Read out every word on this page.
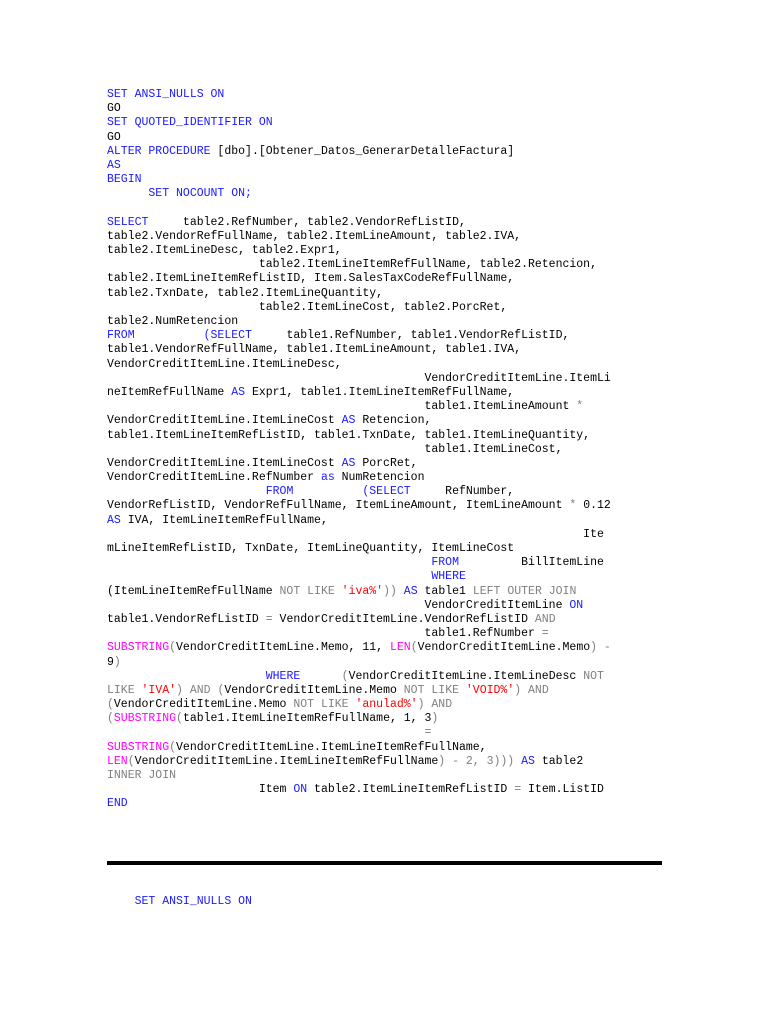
SET ANSI_NULLS ON
GO
SET QUOTED_IDENTIFIER ON
GO
ALTER PROCEDURE [dbo].[Obtener_Datos_GenerarDetalleFactura]
AS
BEGIN
SET NOCOUNT ON;

SELECT     table2.RefNumber, table2.VendorRefListID,
table2.VendorRefFullName, table2.ItemLineAmount, table2.IVA,
table2.ItemLineDesc, table2.Expr1,
table2.ItemLineItemRefFullName, table2.Retencion,
table2.ItemLineItemRefListID, Item.SalesTaxCodeRefFullName,
table2.TxnDate, table2.ItemLineQuantity,
table2.ItemLineCost, table2.PorcRet,
table2.NumRetencion
FROM	(SELECT     table1.RefNumber, table1.VendorRefListID,
table1.VendorRefFullName, table1.ItemLineAmount, table1.IVA,
VendorCreditItemLine.ItemLineDesc,
VendorCreditItemLine.ItemLi
neItemRefFullName AS Expr1, table1.ItemLineItemRefFullName,
table1.ItemLineAmount *
VendorCreditItemLine.ItemLineCost AS Retencion,
table1.ItemLineItemRefListID, table1.TxnDate, table1.ItemLineQuantity,
table1.ItemLineCost,
VendorCreditItemLine.ItemLineCost AS PorcRet,
VendorCreditItemLine.RefNumber as NumRetencion
FROM	(SELECT     RefNumber,
VendorRefListID, VendorRefFullName, ItemLineAmount, ItemLineAmount * 0.12
AS IVA, ItemLineItemRefFullName,
Ite
mLineItemRefListID, TxnDate, ItemLineQuantity, ItemLineCost
FROM         BillItemLine
WHERE
(ItemLineItemRefFullName NOT LIKE 'iva%')) AS table1 LEFT OUTER JOIN
VendorCreditItemLine ON
table1.VendorRefListID = VendorCreditItemLine.VendorRefListID AND
table1.RefNumber =
SUBSTRING(VendorCreditItemLine.Memo, 11, LEN(VendorCreditItemLine.Memo) -
9)
WHERE	(VendorCreditItemLine.ItemLineDesc NOT
LIKE 'IVA') AND (VendorCreditItemLine.Memo NOT LIKE 'VOID%') AND
(VendorCreditItemLine.Memo NOT LIKE 'anulad%') AND
(SUBSTRING(table1.ItemLineItemRefFullName, 1, 3)
=
SUBSTRING(VendorCreditItemLine.ItemLineItemRefFullName,
LEN(VendorCreditItemLine.ItemLineItemRefFullName) - 2, 3))) AS table2
INNER JOIN
Item ON table2.ItemLineItemRefListID = Item.ListID
END

SET ANSI_NULLS ON
